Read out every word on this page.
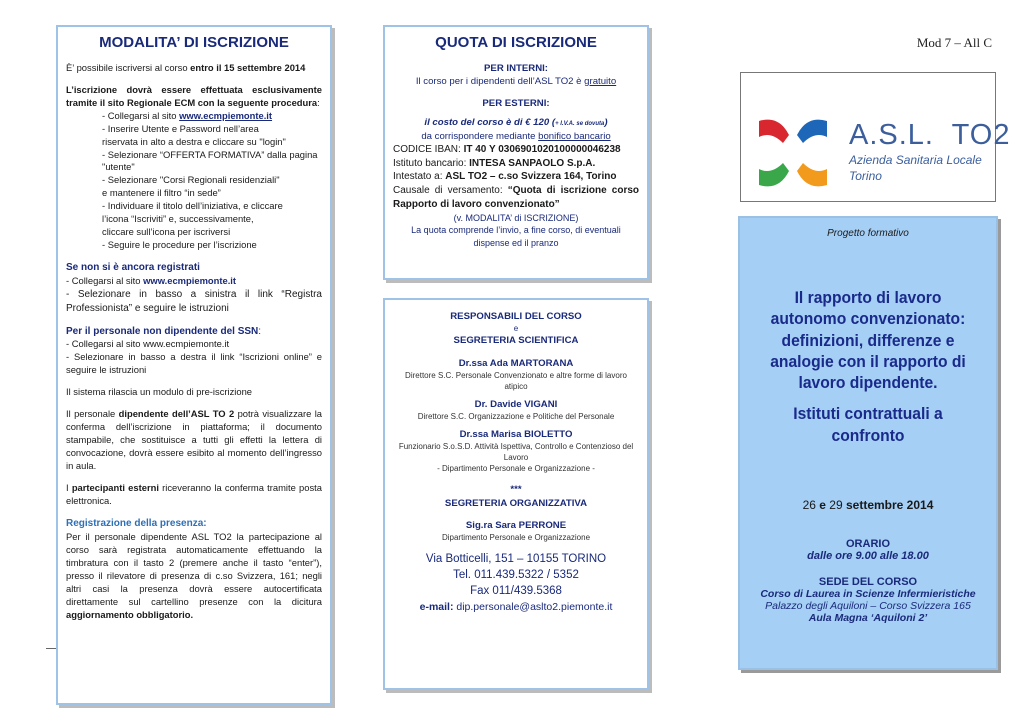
MODALITA’ DI ISCRIZIONE

È’ possibile iscriversi al corso entro il 15 settembre 2014

L’iscrizione dovrà essere effettuata esclusivamente tramite il sito Regionale ECM con la seguente procedura:

- Collegarsi al sito www.ecmpiemonte.it

- Inserire Utente e Password nell’area

riservata in alto a destra e cliccare su "login"

- Selezionare “OFFERTA FORMATIVA” dalla pagina

"utente"

- Selezionare "Corsi Regionali residenziali"

e mantenere il filtro “in sede”

- Individuare il titolo dell’iniziativa, e cliccare

l’icona “Iscriviti” e, successivamente,

cliccare sull’icona per iscriversi

- Seguire le procedure per l’iscrizione

Se non si è ancora registrati

- Collegarsi al sito www.ecmpiemonte.it

- Selezionare in basso a sinistra il link “Registra Professionista” e seguire le istruzioni

Per il personale non dipendente del SSN:

- Collegarsi al sito www.ecmpiemonte.it

- Selezionare in basso a destra il link “Iscrizioni online” e seguire le istruzioni

Il sistema rilascia un modulo di pre-iscrizione

Il personale dipendente dell’ASL TO 2 potrà visualizzare la conferma dell’iscrizione in piattaforma; il documento stampabile, che sostituisce a tutti gli effetti la lettera di convocazione, dovrà essere esibito al momento dell’ingresso in aula.

I partecipanti esterni riceveranno la conferma tramite posta elettronica.

Registrazione della presenza:

Per il personale dipendente ASL TO2 la partecipazione al corso sarà registrata automaticamente effettuando la timbratura con il tasto 2 (premere anche il tasto “enter”), presso il rilevatore di presenza di c.so Svizzera, 161; negli altri casi la presenza dovrà essere autocertificata direttamente sul cartellino presenze con la dicitura aggiornamento obbligatorio.

QUOTA DI ISCRIZIONE

PER INTERNI:

Il corso per i dipendenti dell’ASL TO2 è gratuito

PER ESTERNI:

il costo del corso è di € 120 (+ I.V.A. se dovuta)

da corrispondere mediante bonifico bancario

CODICE IBAN: IT 40 Y 0306901020100000046238

Istituto bancario: INTESA SANPAOLO S.p.A.

Intestato a: ASL TO2 – c.so Svizzera 164, Torino

Causale di versamento: “Quota di iscrizione corso Rapporto di lavoro convenzionato”

(v. MODALITA’ di ISCRIZIONE)

La quota comprende l’invio, a fine corso, di eventuali dispense ed il pranzo

RESPONSABILI DEL CORSO

e

SEGRETERIA SCIENTIFICA

Dr.ssa Ada MARTORANA

Direttore S.C. Personale Convenzionato e altre forme di lavoro atipico

Dr. Davide VIGANI

Direttore S.C. Organizzazione e Politiche del Personale

Dr.ssa Marisa BIOLETTO

Funzionario S.o.S.D. Attività Ispettiva, Controllo e Contenzioso del Lavoro

- Dipartimento Personale e Organizzazione -

***

SEGRETERIA ORGANIZZATIVA

Sig.ra Sara PERRONE

Dipartimento Personale e Organizzazione

Via Botticelli, 151 – 10155 TORINO

Tel. 011.439.5322 / 5352

Fax 011/439.5368

e-mail: dip.personale@aslto2.piemonte.it

Mod 7 – All C
A.S.L.  TO2
Azienda Sanitaria Locale
Torino

Progetto formativo

Il rapporto di lavoro autonomo convenzionato: definizioni, differenze e analogie con il rapporto di lavoro dipendente.

Istituti contrattuali a confronto

26 e 29 settembre 2014

ORARIO

dalle ore 9.00 alle 18.00

SEDE DEL CORSO

Corso di Laurea in Scienze Infermieristiche

Palazzo degli Aquiloni – Corso Svizzera 165

Aula Magna ‘Aquiloni 2’
